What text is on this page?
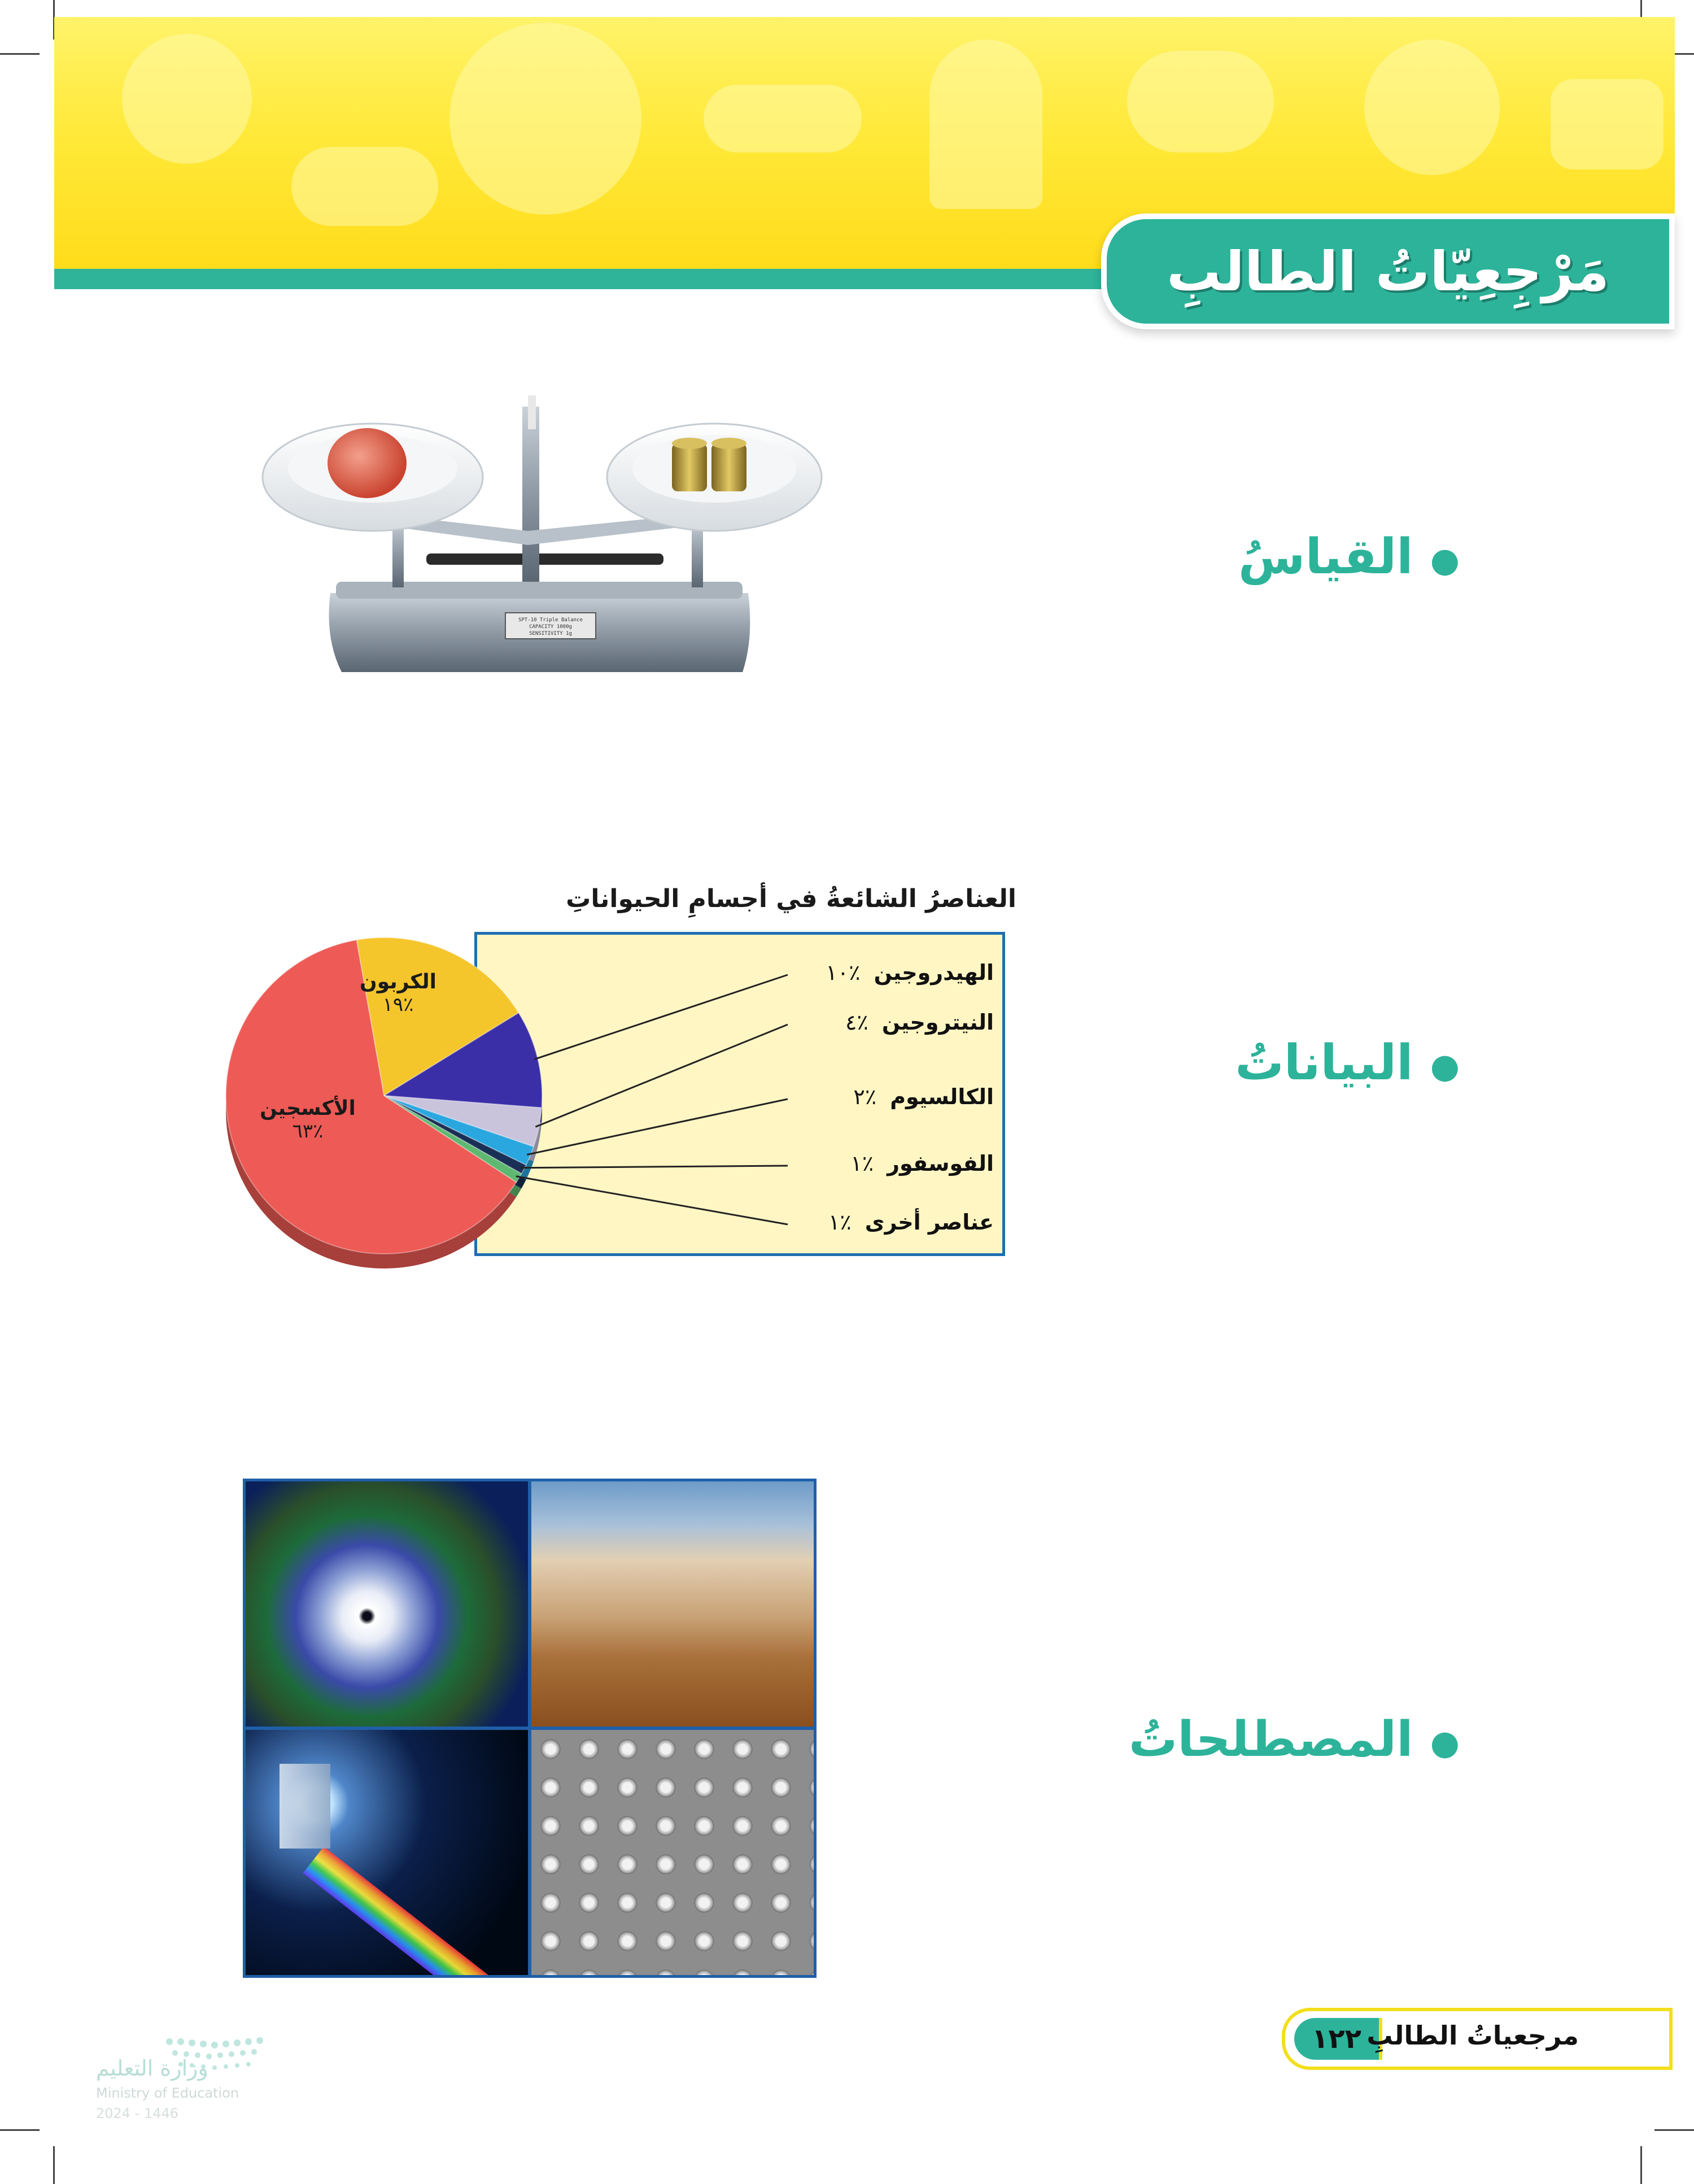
مَرْجِعِيّاتُ الطالبِ
●القياسُ
SPT-10 Triple Balance
CAPACITY 1000g
SENSITIVITY 1g
●البياناتُ
العناصرُ الشائعةُ في أجسامِ الحيواناتِ
الهيدروجين٪١٠
النيتروجين٪٤
الكالسيوم٪٢
الفوسفور٪١
عناصر أخرى٪١
الكربون
٪١٩
الأكسجين
٪٦٣
●المصطلحاتُ
وزارة التعليم
Ministry of Education
2024 - 1446
١٢٢ مرجعياتُ الطالبِ
